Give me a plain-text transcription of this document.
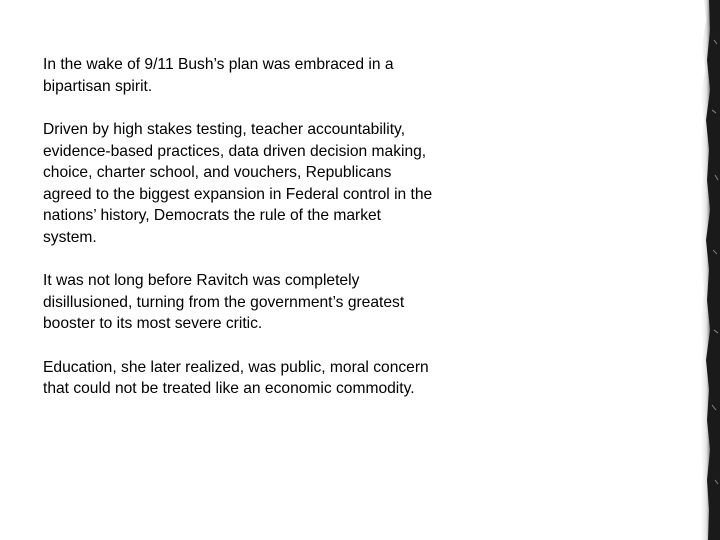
In the wake of 9/11 Bush’s plan was embraced in a bipartisan spirit.

Driven by high stakes testing, teacher accountability, evidence-based practices, data driven decision making, choice, charter school, and vouchers, Republicans agreed to the biggest expansion in Federal control in the nations’ history, Democrats the rule of the market system.

It was not long before Ravitch was completely disillusioned, turning from the government’s greatest booster to its most severe critic.

Education, she later realized, was public, moral concern that could not be treated like an economic commodity.
